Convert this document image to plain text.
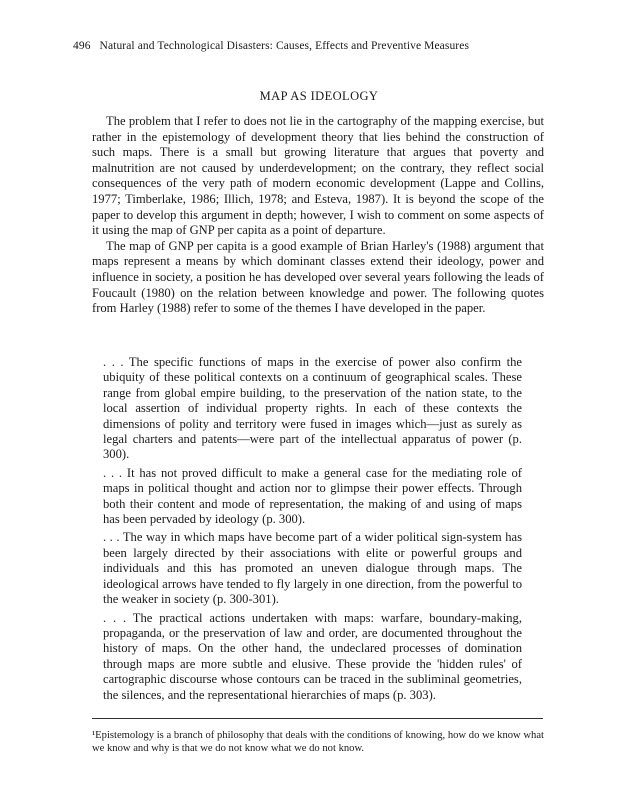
496 Natural and Technological Disasters: Causes, Effects and Preventive Measures
MAP AS IDEOLOGY

The problem that I refer to does not lie in the cartography of the mapping exercise, but rather in the epistemology of development theory that lies behind the construction of such maps. There is a small but growing literature that argues that poverty and malnutrition are not caused by underdevelopment; on the contrary, they reflect social consequences of the very path of modern economic development (Lappe and Collins, 1977; Timberlake, 1986; Illich, 1978; and Esteva, 1987). It is beyond the scope of the paper to develop this argument in depth; however, I wish to comment on some aspects of it using the map of GNP per capita as a point of departure.

The map of GNP per capita is a good example of Brian Harley's (1988) argument that maps represent a means by which dominant classes extend their ideology, power and influence in society, a position he has developed over several years following the leads of Foucault (1980) on the relation between knowledge and power. The following quotes from Harley (1988) refer to some of the themes I have developed in the paper.

. . . The specific functions of maps in the exercise of power also confirm the ubiquity of these political contexts on a continuum of geographical scales. These range from global empire building, to the preservation of the nation state, to the local assertion of individual property rights. In each of these contexts the dimensions of polity and territory were fused in images which—just as surely as legal charters and patents—were part of the intellectual apparatus of power (p. 300).

. . . It has not proved difficult to make a general case for the mediating role of maps in political thought and action nor to glimpse their power effects. Through both their content and mode of representation, the making of and using of maps has been pervaded by ideology (p. 300).

. . . The way in which maps have become part of a wider political sign-system has been largely directed by their associations with elite or powerful groups and individuals and this has promoted an uneven dialogue through maps. The ideological arrows have tended to fly largely in one direction, from the powerful to the weaker in society (p. 300-301).

. . . The practical actions undertaken with maps: warfare, boundary-making, propaganda, or the preservation of law and order, are documented throughout the history of maps. On the other hand, the undeclared processes of domination through maps are more subtle and elusive. These provide the 'hidden rules' of cartographic discourse whose contours can be traced in the subliminal geometries, the silences, and the representational hierarchies of maps (p. 303).

¹Epistemology is a branch of philosophy that deals with the conditions of knowing, how do we know what we know and why is that we do not know what we do not know.
